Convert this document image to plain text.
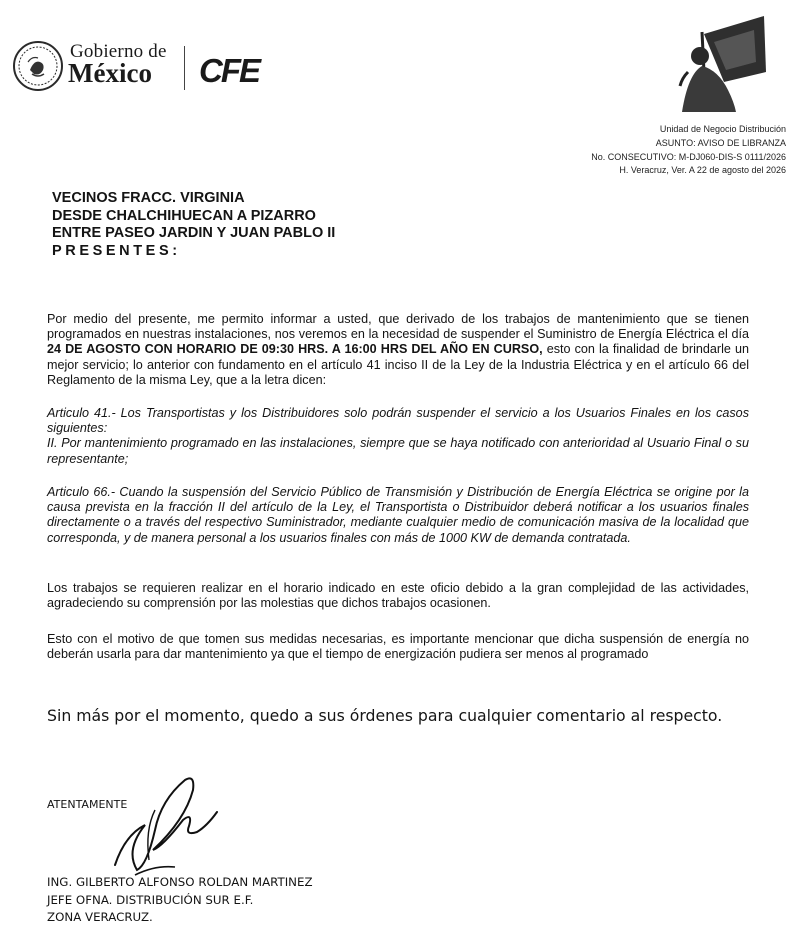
Gobierno de
México CFE
Unidad de Negocio Distribución
ASUNTO: AVISO DE LIBRANZA
No. CONSECUTIVO: M-DJ060-DIS-S 0111/2026
H. Veracruz, Ver. A 22 de agosto del 2026
VECINOS FRACC. VIRGINIA
DESDE CHALCHIHUECAN A PIZARRO
ENTRE PASEO JARDIN Y JUAN PABLO II
PRESENTES:
Por medio del presente, me permito informar a usted, que derivado de los trabajos de mantenimiento que se tienen programados en nuestras instalaciones, nos veremos en la necesidad de suspender el Suministro de Energía Eléctrica el día 24 DE AGOSTO CON HORARIO DE 09:30 HRS. A 16:00 HRS DEL AÑO EN CURSO, esto con la finalidad de brindarle un mejor servicio; lo anterior con fundamento en el artículo 41 inciso II de la Ley de la Industria Eléctrica y en el artículo 66 del Reglamento de la misma Ley, que a la letra dicen:
Articulo 41.- Los Transportistas y los Distribuidores solo podrán suspender el servicio a los Usuarios Finales en los casos siguientes:
II. Por mantenimiento programado en las instalaciones, siempre que se haya notificado con anterioridad al Usuario Final o su representante;
Articulo 66.- Cuando la suspensión del Servicio Público de Transmisión y Distribución de Energía Eléctrica se origine por la causa prevista en la fracción II del artículo de la Ley, el Transportista o Distribuidor deberá notificar a los usuarios finales directamente o a través del respectivo Suministrador, mediante cualquier medio de comunicación masiva de la localidad que corresponda, y de manera personal a los usuarios finales con más de 1000 KW de demanda contratada.
Los trabajos se requieren realizar en el horario indicado en este oficio debido a la gran complejidad de las actividades, agradeciendo su comprensión por las molestias que dichos trabajos ocasionen.
Esto con el motivo de que tomen sus medidas necesarias, es importante mencionar que dicha suspensión de energía no deberán usarla para dar mantenimiento ya que el tiempo de energización pudiera ser menos al programado
Sin más por el momento, quedo a sus órdenes para cualquier comentario al respecto.
ATENTAMENTE
ING. GILBERTO ALFONSO ROLDAN MARTINEZ
JEFE OFNA. DISTRIBUCIÓN SUR E.F.
ZONA VERACRUZ.
